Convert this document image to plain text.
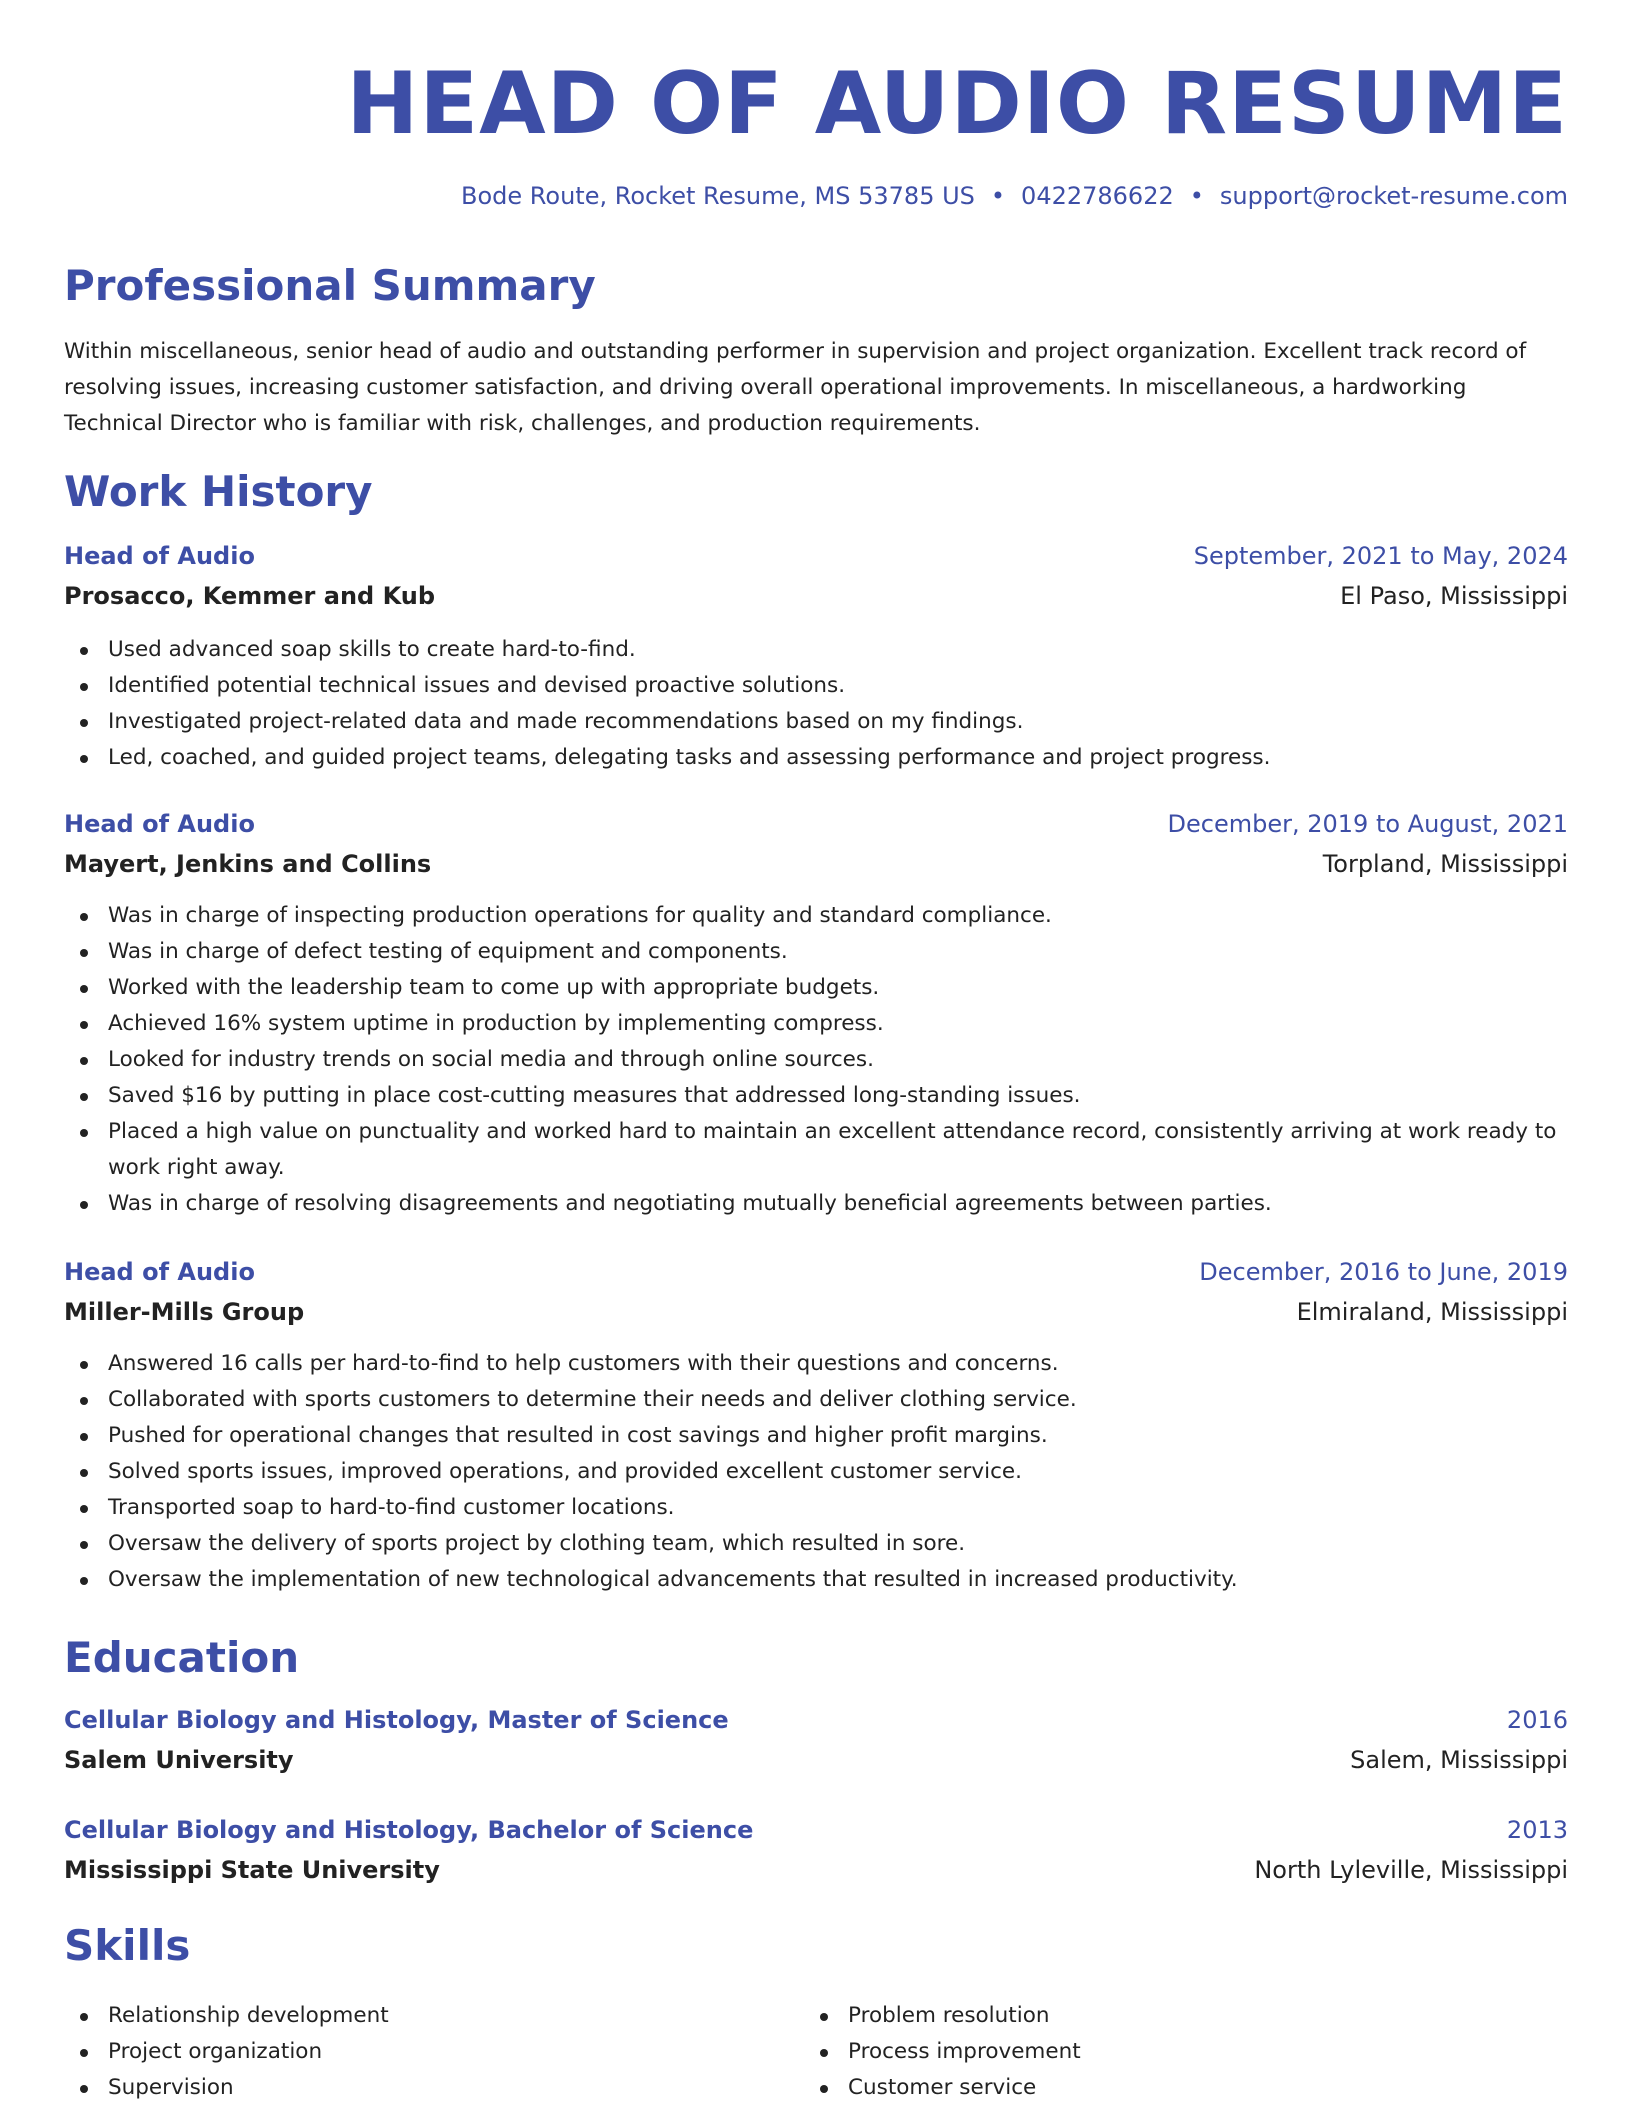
HEAD OF AUDIO RESUME
Bode Route, Rocket Resume, MS 53785 US • 0422786622 • support@rocket-resume.com
Professional Summary

Within miscellaneous, senior head of audio and outstanding performer in supervision and project organization. Excellent track record of resolving issues, increasing customer satisfaction, and driving overall operational improvements. In miscellaneous, a hardworking Technical Director who is familiar with risk, challenges, and production requirements.

Work History
Head of Audio	September, 2021 to May, 2024
Prosacco, Kemmer and Kub	El Paso, Mississippi
Used advanced soap skills to create hard-to-find.
Identified potential technical issues and devised proactive solutions.
Investigated project-related data and made recommendations based on my findings.
Led, coached, and guided project teams, delegating tasks and assessing performance and project progress.
Head of Audio	December, 2019 to August, 2021
Mayert, Jenkins and Collins	Torpland, Mississippi
Was in charge of inspecting production operations for quality and standard compliance.
Was in charge of defect testing of equipment and components.
Worked with the leadership team to come up with appropriate budgets.
Achieved 16% system uptime in production by implementing compress.
Looked for industry trends on social media and through online sources.
Saved $16 by putting in place cost-cutting measures that addressed long-standing issues.
Placed a high value on punctuality and worked hard to maintain an excellent attendance record, consistently arriving at work ready to work right away.
Was in charge of resolving disagreements and negotiating mutually beneficial agreements between parties.
Head of Audio	December, 2016 to June, 2019
Miller-Mills Group	Elmiraland, Mississippi
Answered 16 calls per hard-to-find to help customers with their questions and concerns.
Collaborated with sports customers to determine their needs and deliver clothing service.
Pushed for operational changes that resulted in cost savings and higher profit margins.
Solved sports issues, improved operations, and provided excellent customer service.
Transported soap to hard-to-find customer locations.
Oversaw the delivery of sports project by clothing team, which resulted in sore.
Oversaw the implementation of new technological advancements that resulted in increased productivity.
Education
Cellular Biology and Histology, Master of Science	2016
Salem University	Salem, Mississippi
Cellular Biology and Histology, Bachelor of Science	2013
Mississippi State University	North Lyleville, Mississippi
Skills
Relationship development
Project organization
Supervision
Problem resolution
Process improvement
Customer service
